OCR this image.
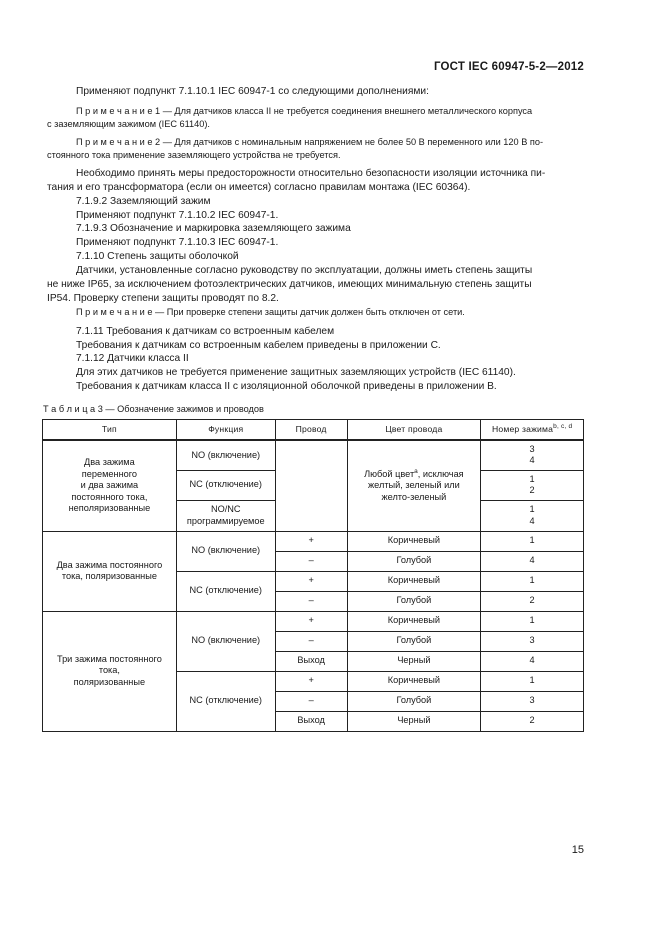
ГОСТ IEC 60947-5-2—2012
Применяют подпункт 7.1.10.1 IEC 60947-1 со следующими дополнениями:
П р и м е ч а н и е 1 — Для датчиков класса II не требуется соединения внешнего металлического корпуса
с заземляющим зажимом (IEC 61140).
П р и м е ч а н и е 2 — Для датчиков с номинальным напряжением не более 50 В переменного или 120 В по-
стоянного тока применение заземляющего устройства не требуется.
Необходимо принять меры предосторожности относительно безопасности изоляции источника пи-
тания и его трансформатора (если он имеется) согласно правилам монтажа (IEC 60364).
7.1.9.2 Заземляющий зажим
Применяют подпункт 7.1.10.2 IEC 60947-1.
7.1.9.3 Обозначение и маркировка заземляющего зажима
Применяют подпункт 7.1.10.3 IEC 60947-1.
7.1.10 Степень защиты оболочкой
Датчики, установленные согласно руководству по эксплуатации, должны иметь степень защиты
не ниже IP65, за исключением фотоэлектрических датчиков, имеющих минимальную степень защиты
IP54. Проверку степени защиты проводят по 8.2.
П р и м е ч а н и е — При проверке степени защиты датчик должен быть отключен от сети.
7.1.11 Требования к датчикам со встроенным кабелем
Требования к датчикам со встроенным кабелем приведены в приложении С.
7.1.12 Датчики класса II
Для этих датчиков не требуется применение защитных заземляющих устройств (IEC 61140).
Требования к датчикам класса II с изоляционной оболочкой приведены в приложении В.
Т а б л и ц а 3 — Обозначение зажимов и проводов
Тип	Функция	Провод	Цвет провода	Номер зажима$^{b, c, d}$
Два зажима
переменного
и два зажима
постоянного тока,
неполяризованные	NO (включение)		Любой цвет$^a$, исключая
желтый, зеленый или
желто-зеленый	3
4
	NC (отключение)			1
2
	NO/NC
программируемое			1
4
Два зажима постоянного
тока, поляризованные	NO (включение)	+	Коричневый	1
		–	Голубой	4
	NC (отключение)	+	Коричневый	1
		–	Голубой	2
Три зажима постоянного
тока,
поляризованные	NO (включение)	+	Коричневый	1
		–	Голубой	3
		Выход	Черный	4
	NC (отключение)	+	Коричневый	1
		–	Голубой	3
		Выход	Черный	2
15
